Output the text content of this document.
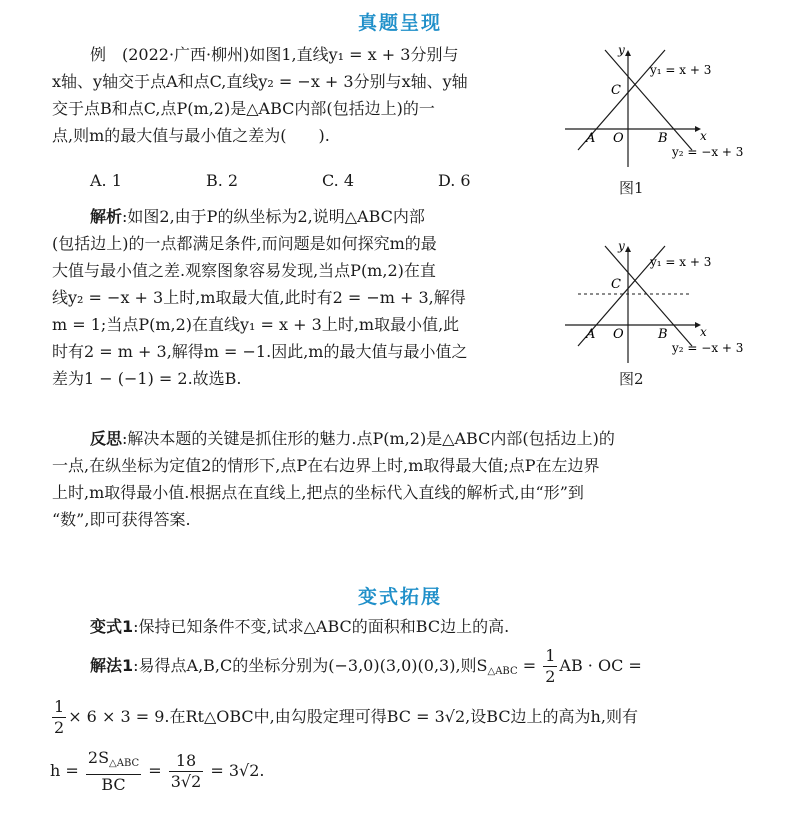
真题呈现

例　(2022·广西·柳州)如图1,直线y₁ = x + 3分别与

x轴、y轴交于点A和点C,直线y₂ = −x + 3分别与x轴、y轴

交于点B和点C,点P(m,2)是△ABC内部(包括边上)的一

点,则m的最大值与最小值之差为(　　).

A. 1	B. 2	C. 4	D. 6
y
x
y₁ = x + 3
y₂ = −x + 3
A O	B
C
图1
y
x
y₁ = x + 3
y₂ = −x + 3
A O	B
C
图2

解析:如图2,由于P的纵坐标为2,说明△ABC内部

(包括边上)的一点都满足条件,而问题是如何探究m的最

大值与最小值之差.观察图象容易发现,当点P(m,2)在直

线y₂ = −x + 3上时,m取最大值,此时有2 = −m + 3,解得

m = 1;当点P(m,2)在直线y₁ = x + 3上时,m取最小值,此

时有2 = m + 3,解得m = −1.因此,m的最大值与最小值之

差为1 − (−1) = 2.故选B.

反思:解决本题的关键是抓住形的魅力.点P(m,2)是△ABC内部(包括边上)的

一点,在纵坐标为定值2的情形下,点P在右边界上时,m取得最大值;点P在左边界

上时,m取得最小值.根据点在直线上,把点的坐标代入直线的解析式,由“形”到

“数”,即可获得答案.

变式拓展

变式1:保持已知条件不变,试求△ABC的面积和BC边上的高.

解法1:易得点A,B,C的坐标分别为(−3,0)(3,0)(0,3),则$S_{\triangle ABC} = \frac{1}{2}$ AB · OC =
$\frac{1}{2} \times 6 \times 3 = 9$.在Rt△OBC中,由勾股定理可得BC = 3√2,设BC边上的高为h,则有
$h = \frac{2S_{\triangle ABC}}{BC} = \frac{18}{3√2} = 3√2$.
